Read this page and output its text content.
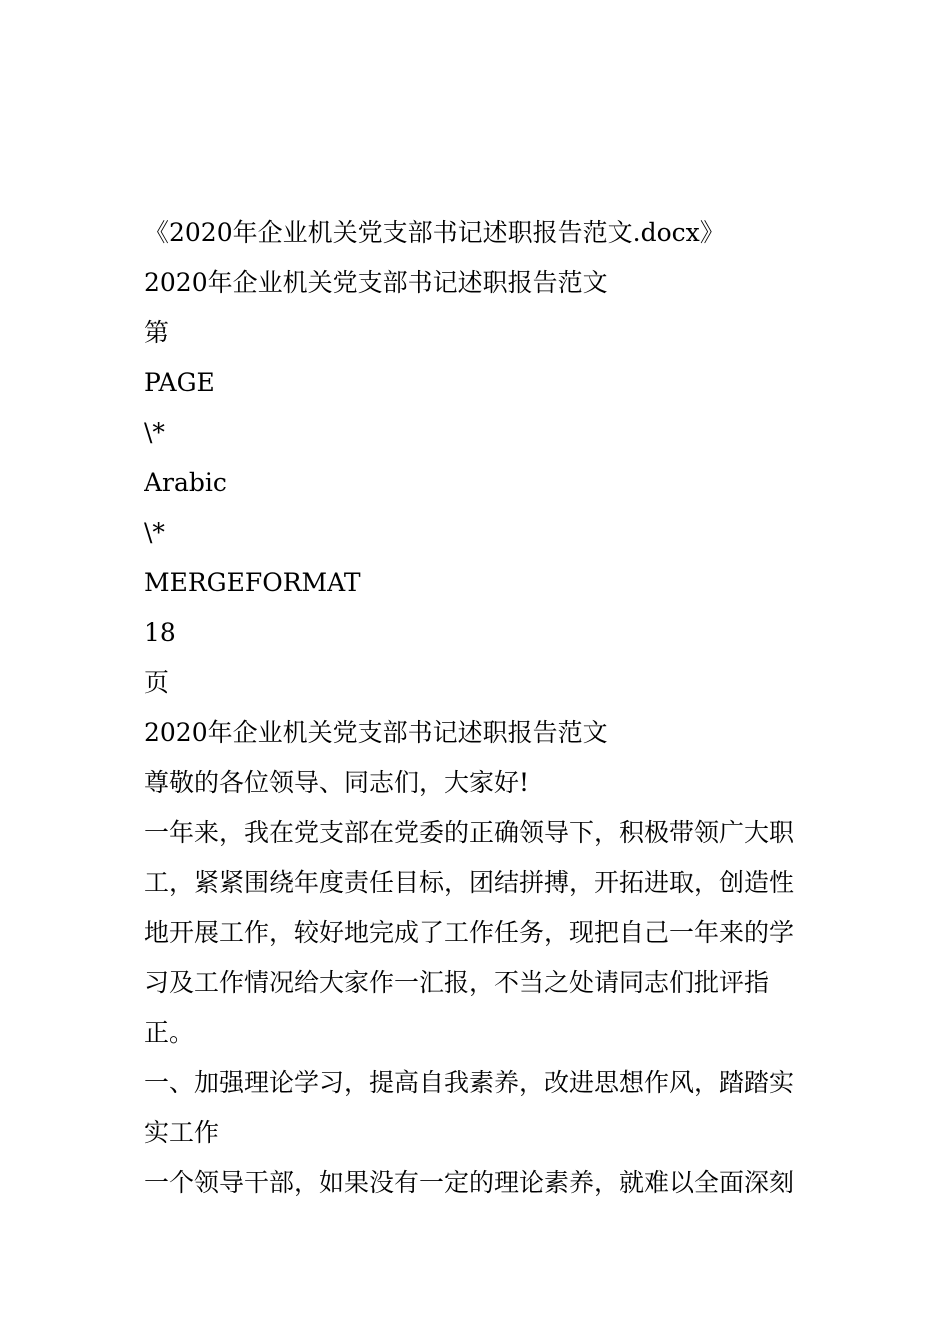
《2020年企业机关党支部书记述职报告范文.docx》
2020年企业机关党支部书记述职报告范文
第
PAGE
\*
Arabic
\*
MERGEFORMAT
18
页
2020年企业机关党支部书记述职报告范文
尊敬的各位领导、同志们，大家好!
一年来，我在党支部在党委的正确领导下，积极带领广大职
工，紧紧围绕年度责任目标，团结拼搏，开拓进取，创造性
地开展工作，较好地完成了工作任务，现把自己一年来的学
习及工作情况给大家作一汇报，不当之处请同志们批评指
正。
一、加强理论学习，提高自我素养，改进思想作风，踏踏实
实工作
一个领导干部，如果没有一定的理论素养，就难以全面深刻
